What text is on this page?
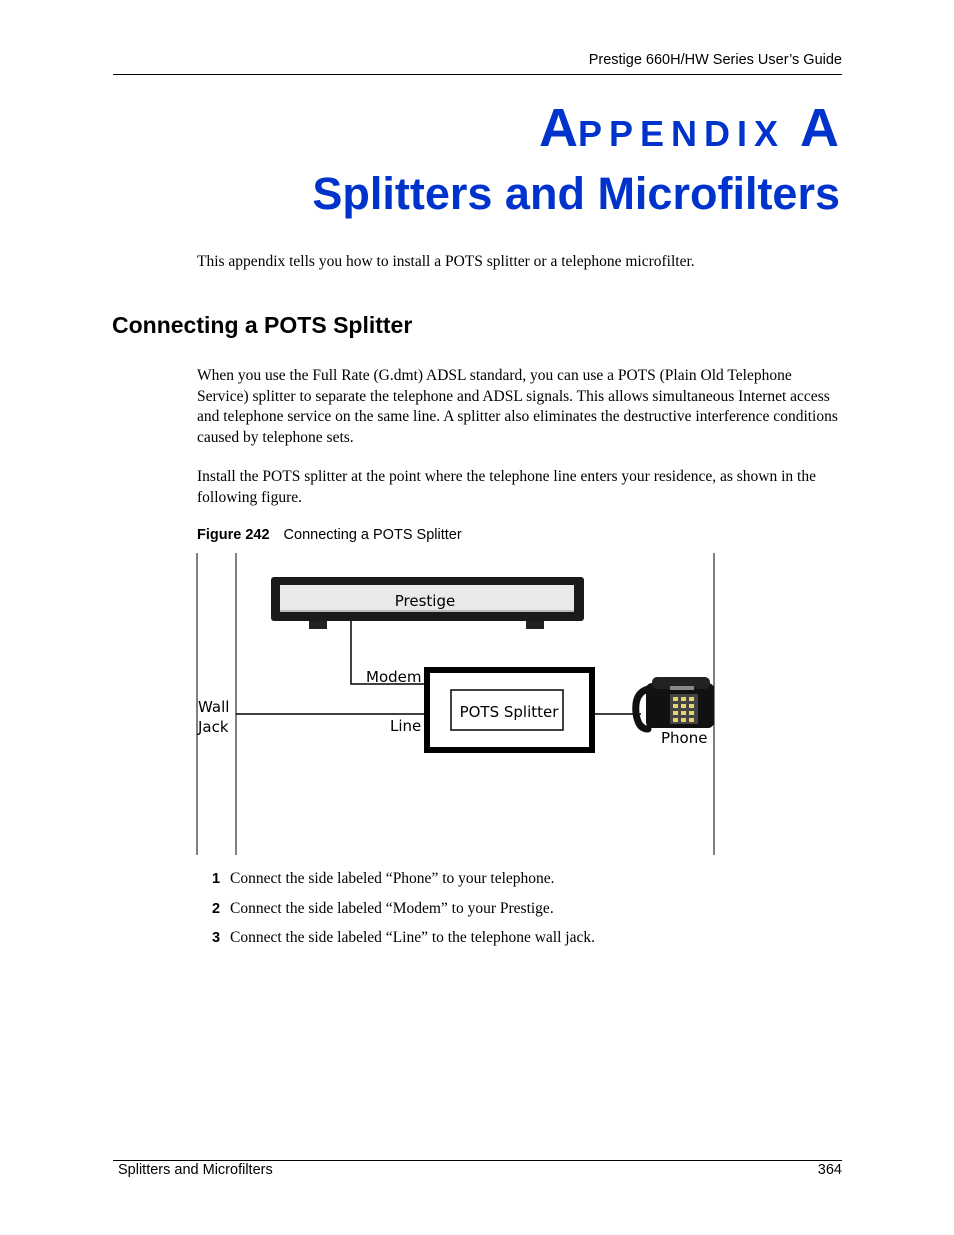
Prestige 660H/HW Series User’s Guide
APPENDIX A
Splitters and Microfilters
This appendix tells you how to install a POTS splitter or a telephone microfilter.
Connecting a POTS Splitter
When you use the Full Rate (G.dmt) ADSL standard, you can use a POTS (Plain Old Telephone Service) splitter to separate the telephone and ADSL signals. This allows simultaneous Internet access and telephone service on the same line. A splitter also eliminates the destructive interference conditions caused by telephone sets.
Install the POTS splitter at the point where the telephone line enters your residence, as shown in the following figure.
Figure 242 Connecting a POTS Splitter
Prestige
Modem
Line
Wall
Jack
POTS Splitter
Phone
1 Connect the side labeled “Phone” to your telephone.
2 Connect the side labeled “Modem” to your Prestige.
3 Connect the side labeled “Line” to the telephone wall jack.
Splitters and Microfilters	364
